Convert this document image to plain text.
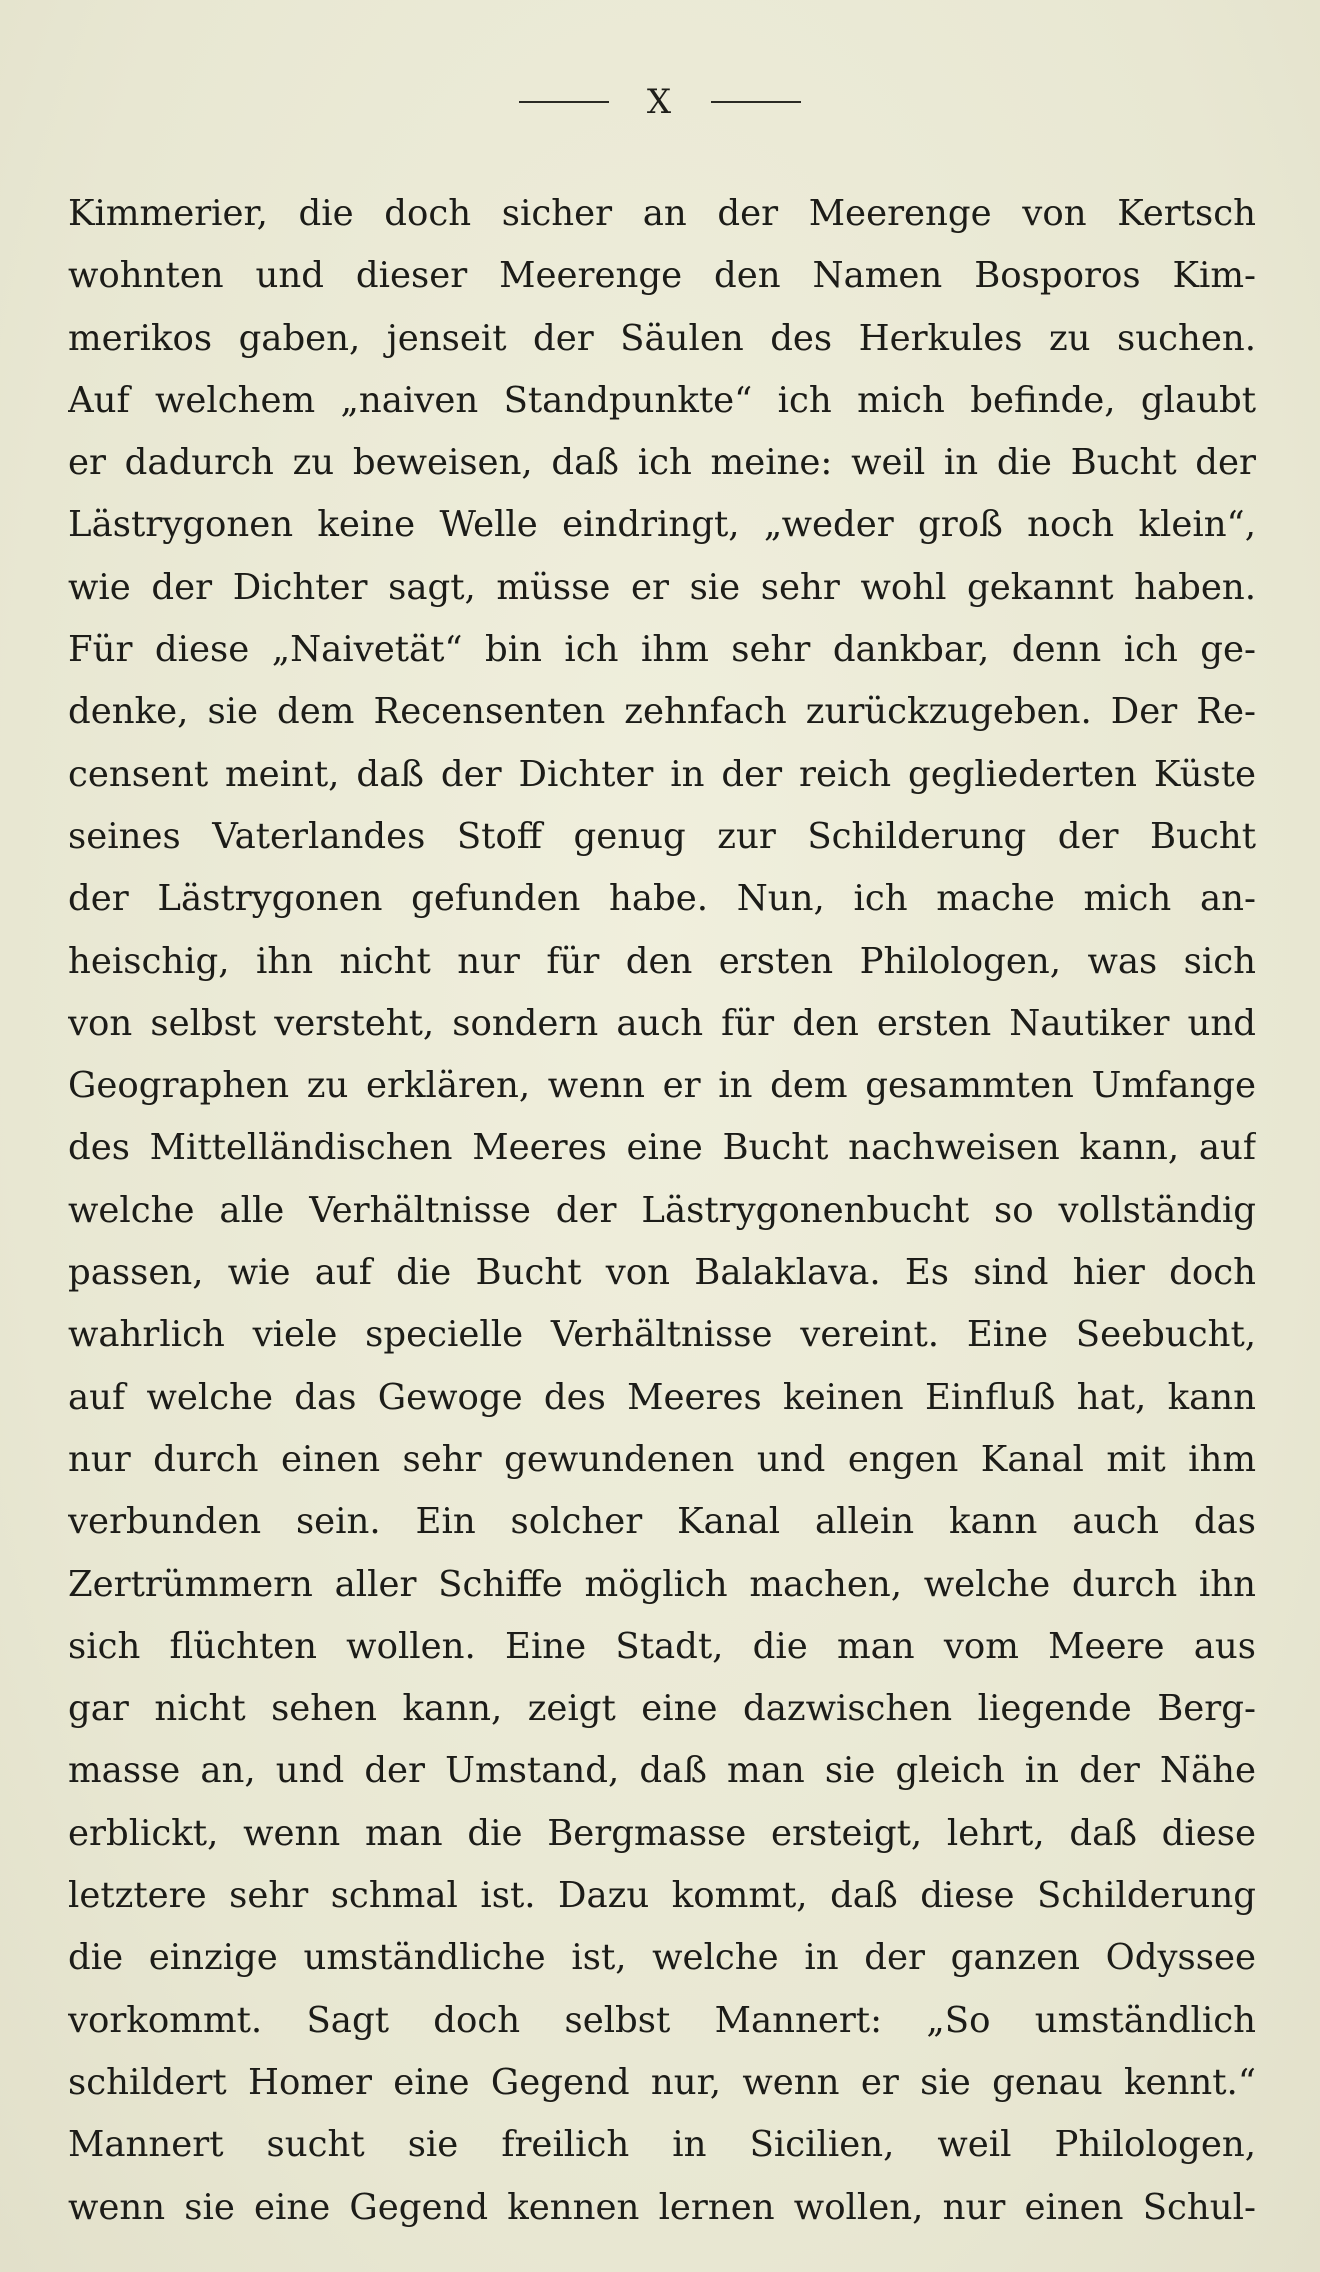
X
Kimmerier, die doch sicher an der Meerenge von Kertsch
wohnten und dieser Meerenge den Namen Bosporos Kim-
merikos gaben, jenseit der Säulen des Herkules zu suchen.
Auf welchem „naiven Standpunkte“ ich mich befinde, glaubt
er dadurch zu beweisen, daß ich meine: weil in die Bucht der
Lästrygonen keine Welle eindringt, „weder groß noch klein“,
wie der Dichter sagt, müsse er sie sehr wohl gekannt haben.
Für diese „Naivetät“ bin ich ihm sehr dankbar, denn ich ge-
denke, sie dem Recensenten zehnfach zurückzugeben. Der Re-
censent meint, daß der Dichter in der reich gegliederten Küste
seines Vaterlandes Stoff genug zur Schilderung der Bucht
der Lästrygonen gefunden habe. Nun, ich mache mich an-
heischig, ihn nicht nur für den ersten Philologen, was sich
von selbst versteht, sondern auch für den ersten Nautiker und
Geographen zu erklären, wenn er in dem gesammten Umfange
des Mittelländischen Meeres eine Bucht nachweisen kann, auf
welche alle Verhältnisse der Lästrygonenbucht so vollständig
passen, wie auf die Bucht von Balaklava. Es sind hier doch
wahrlich viele specielle Verhältnisse vereint. Eine Seebucht,
auf welche das Gewoge des Meeres keinen Einfluß hat, kann
nur durch einen sehr gewundenen und engen Kanal mit ihm
verbunden sein. Ein solcher Kanal allein kann auch das
Zertrümmern aller Schiffe möglich machen, welche durch ihn
sich flüchten wollen. Eine Stadt, die man vom Meere aus
gar nicht sehen kann, zeigt eine dazwischen liegende Berg-
masse an, und der Umstand, daß man sie gleich in der Nähe
erblickt, wenn man die Bergmasse ersteigt, lehrt, daß diese
letztere sehr schmal ist. Dazu kommt, daß diese Schilderung
die einzige umständliche ist, welche in der ganzen Odyssee
vorkommt. Sagt doch selbst Mannert: „So umständlich
schildert Homer eine Gegend nur, wenn er sie genau kennt.“
Mannert sucht sie freilich in Sicilien, weil Philologen,
wenn sie eine Gegend kennen lernen wollen, nur einen Schul-
